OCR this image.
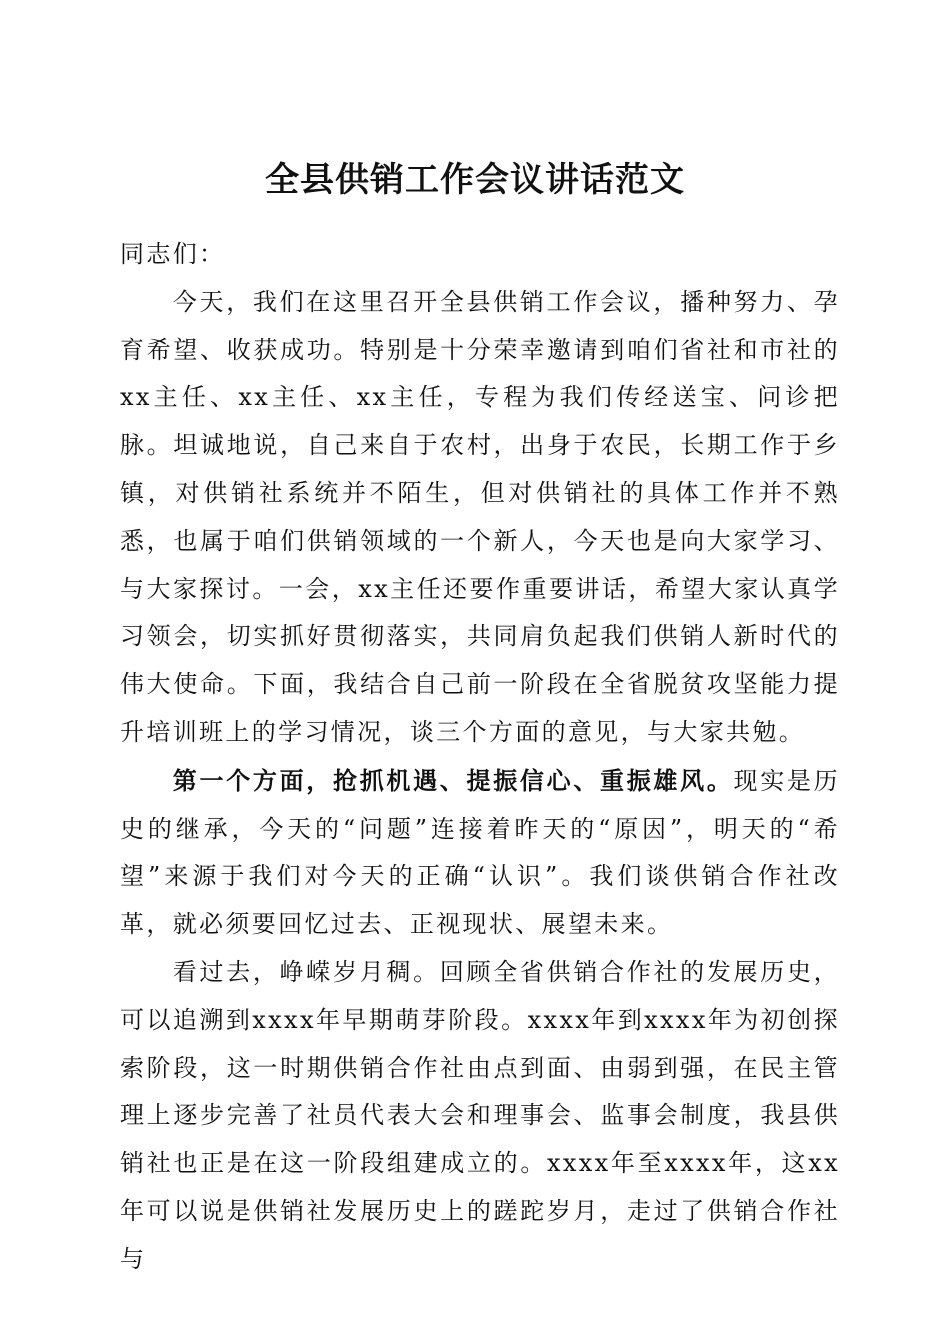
全县供销工作会议讲话范文

同志们：

今天，我们在这里召开全县供销工作会议，播种努力、孕育希望、收获成功。特别是十分荣幸邀请到咱们省社和市社的xx主任、xx主任、xx主任，专程为我们传经送宝、问诊把脉。坦诚地说，自己来自于农村，出身于农民，长期工作于乡镇，对供销社系统并不陌生，但对供销社的具体工作并不熟悉，也属于咱们供销领域的一个新人，今天也是向大家学习、与大家探讨。一会，xx主任还要作重要讲话，希望大家认真学习领会，切实抓好贯彻落实，共同肩负起我们供销人新时代的伟大使命。下面，我结合自己前一阶段在全省脱贫攻坚能力提升培训班上的学习情况，谈三个方面的意见，与大家共勉。

第一个方面，抢抓机遇、提振信心、重振雄风。现实是历史的继承，今天的“问题”连接着昨天的“原因”，明天的“希望”来源于我们对今天的正确“认识”。我们谈供销合作社改革，就必须要回忆过去、正视现状、展望未来。

看过去，峥嵘岁月稠。回顾全省供销合作社的发展历史，可以追溯到xxxx年早期萌芽阶段。xxxx年到xxxx年为初创探索阶段，这一时期供销合作社由点到面、由弱到强，在民主管理上逐步完善了社员代表大会和理事会、监事会制度，我县供销社也正是在这一阶段组建成立的。xxxx年至xxxx年，这xx年可以说是供销社发展历史上的蹉跎岁月，走过了供销合作社与
